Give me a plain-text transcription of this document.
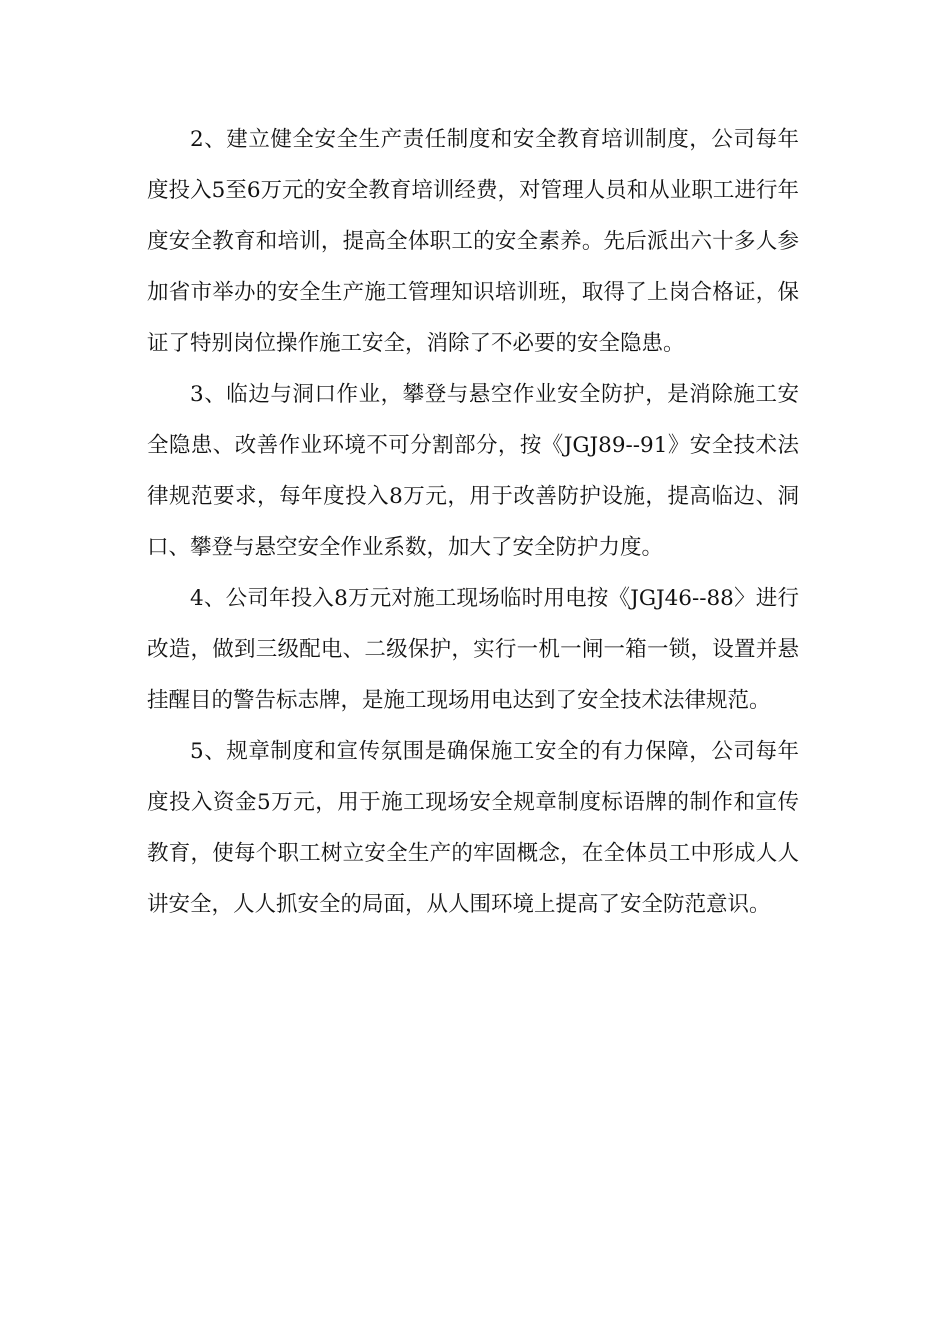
2、建立健全安全生产责任制度和安全教育培训制度，公司每年度投入5至6万元的安全教育培训经费，对管理人员和从业职工进行年度安全教育和培训，提高全体职工的安全素养。先后派出六十多人参加省市举办的安全生产施工管理知识培训班，取得了上岗合格证，保证了特别岗位操作施工安全，消除了不必要的安全隐患。

3、临边与洞口作业，攀登与悬空作业安全防护，是消除施工安全隐患、改善作业环境不可分割部分，按《JGJ89--91》安全技术法律规范要求，每年度投入8万元，用于改善防护设施，提高临边、洞口、攀登与悬空安全作业系数，加大了安全防护力度。

4、公司年投入8万元对施工现场临时用电按《JGJ46--88〉进行改造，做到三级配电、二级保护，实行一机一闸一箱一锁，设置并悬挂醒目的警告标志牌，是施工现场用电达到了安全技术法律规范。

5、规章制度和宣传氛围是确保施工安全的有力保障，公司每年度投入资金5万元，用于施工现场安全规章制度标语牌的制作和宣传教育，使每个职工树立安全生产的牢固概念，在全体员工中形成人人讲安全，人人抓安全的局面，从人围环境上提高了安全防范意识。
